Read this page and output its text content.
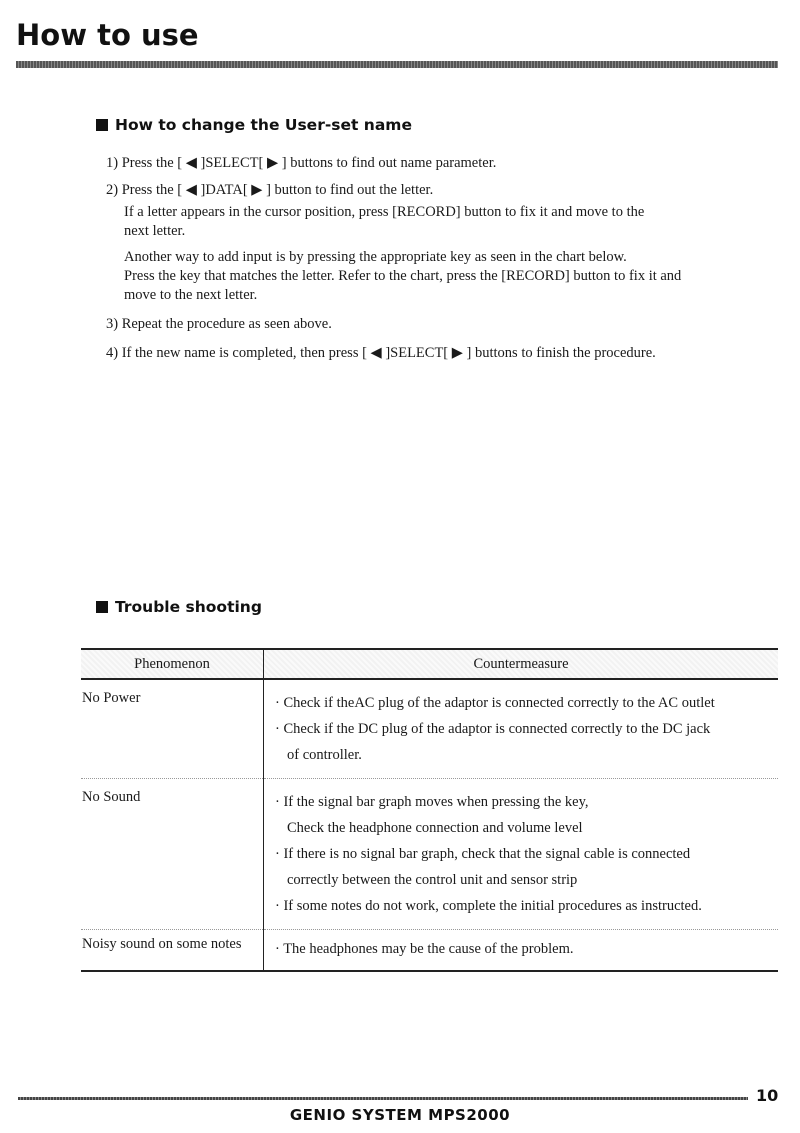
How to use
How to change the User-set name

1) Press the [ ◀ ]SELECT[ ▶ ] buttons to find out name parameter.

2) Press the [ ◀ ]DATA[ ▶ ] button to find out the letter.

If a letter appears in the cursor position, press [RECORD] button to fix it and move to the

next letter.

Another way to add input is by pressing the appropriate key as seen in the chart below.

Press the key that matches the letter. Refer to the chart, press the [RECORD] button to fix it and

move to the next letter.

3) Repeat the procedure as seen above.

4) If the new name is completed, then press [ ◀ ]SELECT[ ▶ ] buttons to finish the procedure.

Trouble shooting
Phenomenon	Countermeasure
No Power	· Check if theAC plug of the adaptor is connected correctly to the AC outlet
· Check if the DC plug of the adaptor is connected correctly to the DC jack
of controller.

No Sound	· If the signal bar graph moves when pressing the key,
Check the headphone connection and volume level
· If there is no signal bar graph, check that the signal cable is connected
correctly between the control unit and sensor strip
· If some notes do not work, complete the initial procedures as instructed.

Noisy sound on some notes	· The headphones may be the cause of the problem.
10
GENIO SYSTEM MPS2000
